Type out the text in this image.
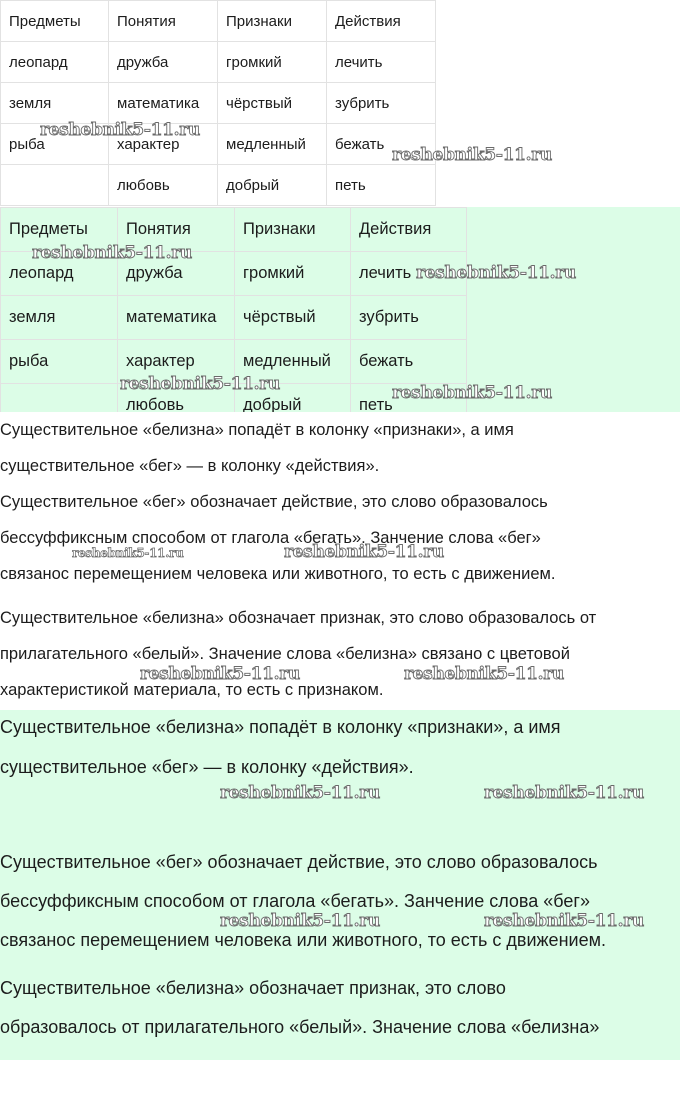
Предметы	Понятия	Признаки	Действия
леопард	дружба	громкий	лечить
земля	математика	чёрствый	зубрить
рыба	характер	медленный	бежать
	любовь	добрый	петь
reshebnik5-11.ru
reshebnik5-11.ru
Предметы	Понятия	Признаки	Действия
леопард	дружба	громкий	лечить
земля	математика	чёрствый	зубрить
рыба	характер	медленный	бежать
	любовь	добрый	петь
reshebnik5-11.ru
reshebnik5-11.ru
reshebnik5-11.ru	reshebnik5-11.ru

Существительное «белизна» попадёт в колонку «признаки», а имя

существительное «бег» — в колонку «действия».

Существительное «бег» обозначает действие, это слово образовалось

бессуффиксным способом от глагола «бегать». Занчение слова «бег»

связанос перемещением человека или животного, то есть с движением.

Существительное «белизна» обозначает признак, это слово образовалось от

прилагательного «белый». Значение слова «белизна» связано с цветовой

характеристикой материала, то есть с признаком.

reshebnik5-11.ru	reshebnik5-11.ru
reshebnik5-11.ru	reshebnik5-11.ru

Существительное «белизна» попадёт в колонку «признаки», а имя

существительное «бег» — в колонку «действия».

Существительное «бег» обозначает действие, это слово образовалось

бессуффиксным способом от глагола «бегать». Занчение слова «бег»

связанос перемещением человека или животного, то есть с движением.

Существительное «белизна» обозначает признак, это слово

образовалось от прилагательного «белый». Значение слова «белизна»

reshebnik5-11.ru	reshebnik5-11.ru
reshebnik5-11.ru	reshebnik5-11.ru
